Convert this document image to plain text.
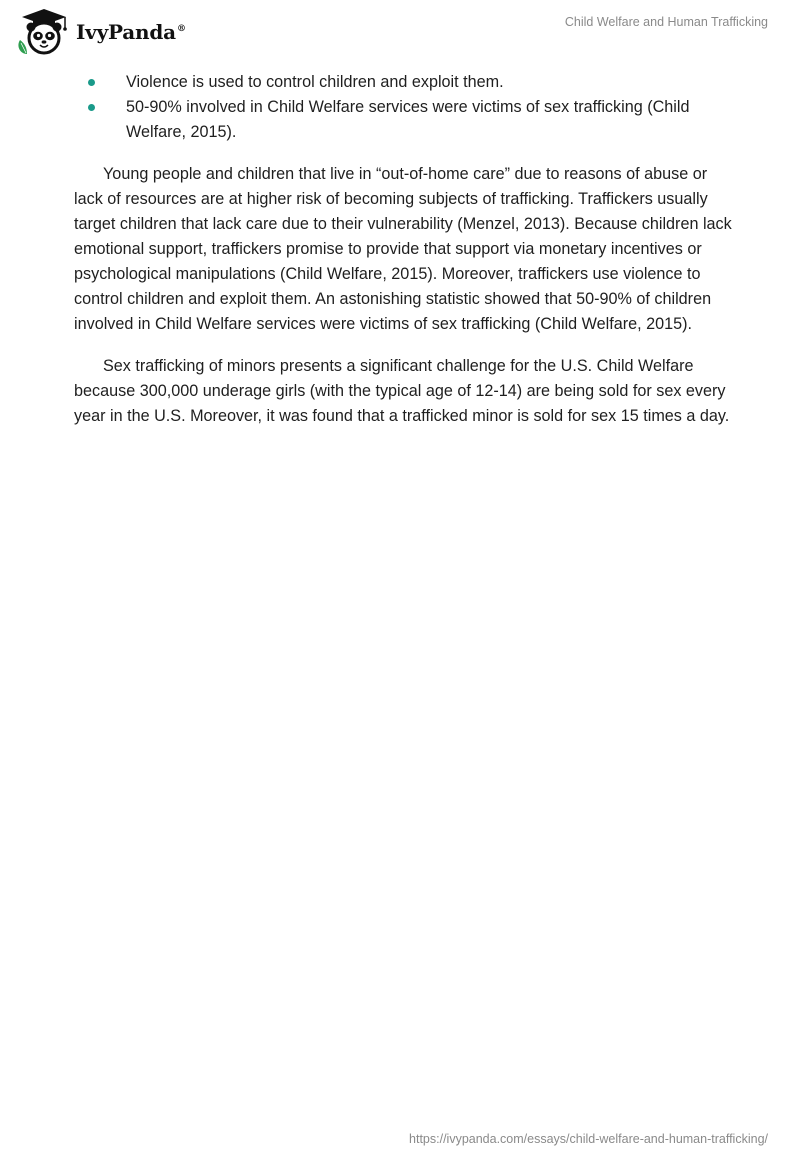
IvyPanda®
Child Welfare and Human Trafficking
Violence is used to control children and exploit them.
50-90% involved in Child Welfare services were victims of sex trafficking (Child Welfare, 2015).

Young people and children that live in “out-of-home care” due to reasons of abuse or lack of resources are at higher risk of becoming subjects of trafficking. Traffickers usually target children that lack care due to their vulnerability (Menzel, 2013). Because children lack emotional support, traffickers promise to provide that support via monetary incentives or psychological manipulations (Child Welfare, 2015). Moreover, traffickers use violence to control children and exploit them. An astonishing statistic showed that 50-90% of children involved in Child Welfare services were victims of sex trafficking (Child Welfare, 2015).

Sex trafficking of minors presents a significant challenge for the U.S. Child Welfare because 300,000 underage girls (with the typical age of 12-14) are being sold for sex every year in the U.S. Moreover, it was found that a trafficked minor is sold for sex 15 times a day.

https://ivypanda.com/essays/child-welfare-and-human-trafficking/
